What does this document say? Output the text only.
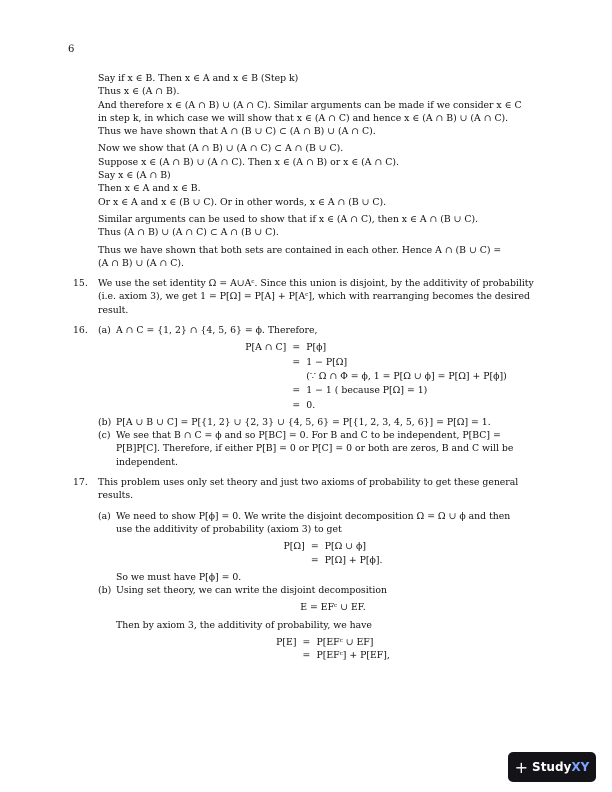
6
Say if x ∈ B. Then x ∈ A and x ∈ B (Step k)
Thus x ∈ (A ∩ B).
And therefore x ∈ (A ∩ B) ∪ (A ∩ C). Similar arguments can be made if we consider x ∈ C
in step k, in which case we will show that x ∈ (A ∩ C) and hence x ∈ (A ∩ B) ∪ (A ∩ C).
Thus we have shown that A ∩ (B ∪ C) ⊂ (A ∩ B) ∪ (A ∩ C).
Now we show that (A ∩ B) ∪ (A ∩ C) ⊂ A ∩ (B ∪ C).
Suppose x ∈ (A ∩ B) ∪ (A ∩ C). Then x ∈ (A ∩ B) or x ∈ (A ∩ C).
Say x ∈ (A ∩ B)
Then x ∈ A and x ∈ B.
Or x ∈ A and x ∈ (B ∪ C). Or in other words, x ∈ A ∩ (B ∪ C).
Similar arguments can be used to show that if x ∈ (A ∩ C), then x ∈ A ∩ (B ∪ C).
Thus (A ∩ B) ∪ (A ∩ C) ⊂ A ∩ (B ∪ C).
Thus we have shown that both sets are contained in each other. Hence A ∩ (B ∪ C) =
(A ∩ B) ∪ (A ∩ C).
15. We use the set identity Ω = A∪Aᶜ. Since this union is disjoint, by the additivity of probability
(i.e. axiom 3), we get 1 = P[Ω] = P[A] + P[Aᶜ], which with rearranging becomes the desired
result.
16. (a) A ∩ C = {1, 2} ∩ {4, 5, 6} = ϕ. Therefore,
P[A ∩ C] = P[ϕ]
= 1 − P[Ω]
(∵ Ω ∩ Φ = ϕ, 1 = P[Ω ∪ ϕ] = P[Ω] + P[ϕ])
= 1 − 1 ( because P[Ω] = 1)
= 0.
(b) P[A ∪ B ∪ C] = P[{1, 2} ∪ {2, 3} ∪ {4, 5, 6} = P[{1, 2, 3, 4, 5, 6}] = P[Ω] = 1.
(c) We see that B ∩ C = ϕ and so P[BC] = 0. For B and C to be independent, P[BC] =
P[B]P[C]. Therefore, if either P[B] = 0 or P[C] = 0 or both are zeros, B and C will be
independent.
17. This problem uses only set theory and just two axioms of probability to get these general
results.
(a) We need to show P[ϕ] = 0. We write the disjoint decomposition Ω = Ω ∪ ϕ and then
use the additivity of probability (axiom 3) to get
P[Ω] = P[Ω ∪ ϕ]
= P[Ω] + P[ϕ].
So we must have P[ϕ] = 0.
(b) Using set theory, we can write the disjoint decomposition
E = EFᶜ ∪ EF.
Then by axiom 3, the additivity of probability, we have
P[E] = P[EFᶜ ∪ EF]
= P[EFᶜ] + P[EF],
+ Study XY
